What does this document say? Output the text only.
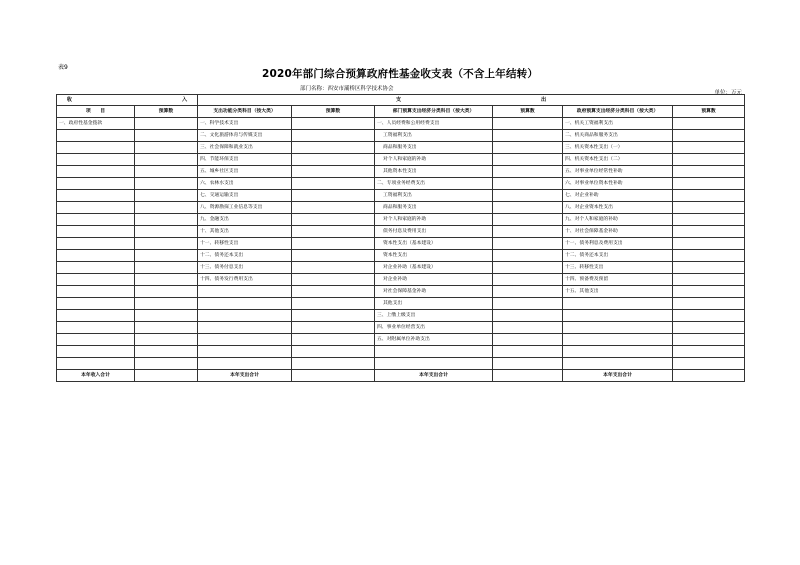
表9
2020年部门综合预算政府性基金收支表（不含上年结转）
部门名称：西安市灞桥区科学技术协会
单位：万元
收 入		支 出					
项　　目	预算数	支出功能分类科目（按大类）	预算数	部门预算支出经济分类科目（按大类）	预算数	政府预算支出经济分类科目（按大类）	预算数
一、政府性基金拨款		一、科学技术支出		一、人员经费和公用经费支出		一、机关工资福利支出	
		二、文化旅游体育与传媒支出		工资福利支出		二、机关商品和服务支出	
		三、社会保障和就业支出		商品和服务支出		三、机关资本性支出（一）	
		四、节能环保支出		对个人和家庭的补助		四、机关资本性支出（二）	
		五、城乡社区支出		其他资本性支出		五、对事业单位经常性补助	
		六、农林水支出		二、专项业务经费支出		六、对事业单位资本性补助	
		七、交通运输支出		工资福利支出		七、对企业补助	
		八、资源勘探工业信息等支出		商品和服务支出		八、对企业资本性支出	
		九、金融支出		对个人和家庭的补助		九、对个人和家庭的补助	
		十、其他支出		债务付息及费用支出		十、对社会保障基金补助	
		十一、转移性支出		资本性支出（基本建设）		十一、债务利息及费用支出	
		十二、债务还本支出		资本性支出		十二、债务还本支出	
		十三、债务付息支出		对企业补助（基本建设）		十三、转移性支出	
		十四、债务发行费用支出		对企业补助		十四、预备费及预留	
				对社会保障基金补助		十五、其他支出	
				其他支出			
				三、上缴上级支出			
				四、事业单位经营支出			
				五、对附属单位补助支出			

本年收入合计		本年支出合计		本年支出合计		本年支出合计	
